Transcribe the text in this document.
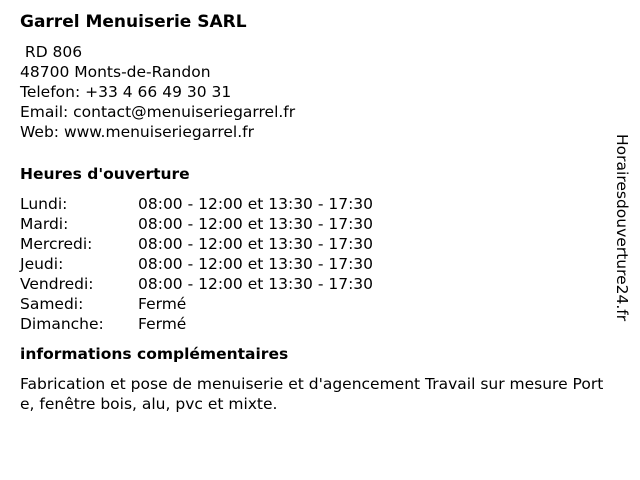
Garrel Menuiserie SARL
RD 806
48700 Monts-de-Randon
Telefon: +33 4 66 49 30 31
Email: contact@menuiseriegarrel.fr
Web: www.menuiseriegarrel.fr
Heures d'ouverture
Lundi:	08:00 - 12:00 et 13:30 - 17:30
Mardi:	08:00 - 12:00 et 13:30 - 17:30
Mercredi:	08:00 - 12:00 et 13:30 - 17:30
Jeudi:	08:00 - 12:00 et 13:30 - 17:30
Vendredi:	08:00 - 12:00 et 13:30 - 17:30
Samedi:	Fermé
Dimanche:	Fermé
informations complémentaires
Fabrication et pose de menuiserie et d'agencement Travail sur mesure Porte, fenêtre bois, alu, pvc et mixte.
Horairesdouverture24.fr
